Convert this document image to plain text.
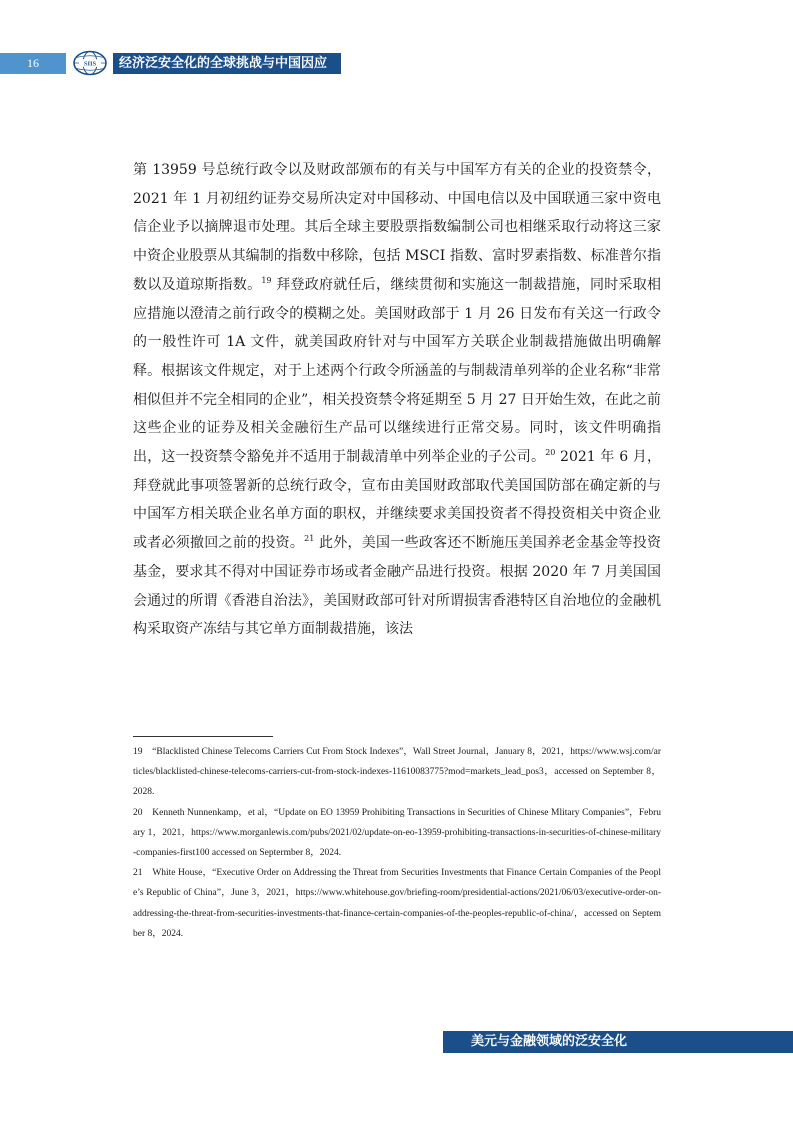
16	SIIS	经济泛安全化的全球挑战与中国因应
第 13959 号总统行政令以及财政部颁布的有关与中国军方有关的企业的投资禁令，2021 年 1 月初纽约证券交易所决定对中国移动、中国电信以及中国联通三家中资电信企业予以摘牌退市处理。其后全球主要股票指数编制公司也相继采取行动将这三家中资企业股票从其编制的指数中移除，包括 MSCI 指数、富时罗素指数、标准普尔指数以及道琼斯指数。$^{19}$ 拜登政府就任后，继续贯彻和实施这一制裁措施，同时采取相应措施以澄清之前行政令的模糊之处。美国财政部于 1 月 26 日发布有关这一行政令的一般性许可 1A 文件，就美国政府针对与中国军方关联企业制裁措施做出明确解释。根据该文件规定，对于上述两个行政令所涵盖的与制裁清单列举的企业名称“非常相似但并不完全相同的企业”，相关投资禁令将延期至 5 月 27 日开始生效，在此之前这些企业的证券及相关金融衍生产品可以继续进行正常交易。同时，该文件明确指出，这一投资禁令豁免并不适用于制裁清单中列举企业的子公司。$^{20}$ 2021 年 6 月，拜登就此事项签署新的总统行政令，宣布由美国财政部取代美国国防部在确定新的与中国军方相关联企业名单方面的职权，并继续要求美国投资者不得投资相关中资企业或者必须撤回之前的投资。$^{21}$ 此外，美国一些政客还不断施压美国养老金基金等投资基金，要求其不得对中国证券市场或者金融产品进行投资。根据 2020 年 7 月美国国会通过的所谓《香港自治法》，美国财政部可针对所谓损害香港特区自治地位的金融机构采取资产冻结与其它单方面制裁措施，该法

19　“Blacklisted Chinese Telecoms Carriers Cut From Stock Indexes”，Wall Street Journal，January 8，2021，https://www.wsj.com/articles/blacklisted-chinese-telecoms-carriers-cut-from-stock-indexes-11610083775?mod=markets_lead_pos3，accessed on September 8，2028.

20　Kenneth Nunnenkamp，et al，“Update on EO 13959 Prohibiting Transactions in Securities of Chinese Mlitary Companies”，February 1，2021，https://www.morganlewis.com/pubs/2021/02/update-on-eo-13959-prohibiting-transactions-in-securities-of-chinese-military-companies-first100 accessed on Septermber 8，2024.

21　White House，“Executive Order on Addressing the Threat from Securities Investments that Finance Certain Companies of the People’s Republic of China”，June 3，2021，https://www.whitehouse.gov/briefing-room/presidential-actions/2021/06/03/executive-order-on-addressing-the-threat-from-securities-investments-that-finance-certain-companies-of-the-peoples-republic-of-china/，accessed on September 8，2024.

美元与金融领域的泛安全化
